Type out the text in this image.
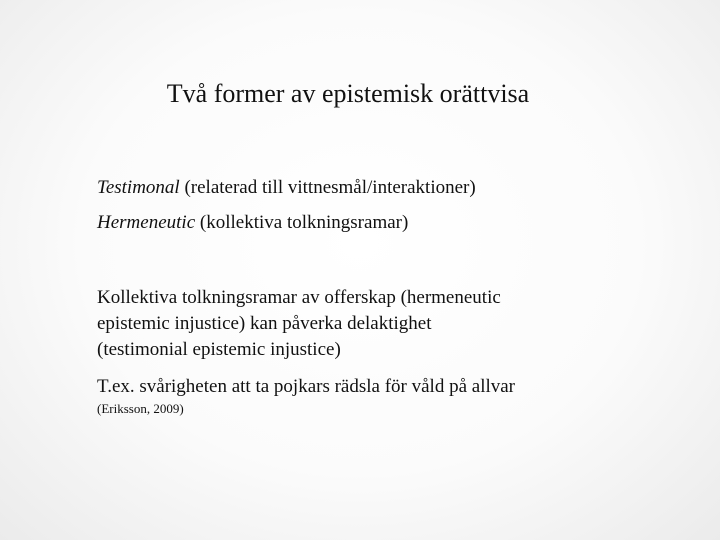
Två former av epistemisk orättvisa
Testimonal (relaterad till vittnesmål/interaktioner)
Hermeneutic (kollektiva tolkningsramar)
Kollektiva tolkningsramar av offerskap (hermeneutic
epistemic injustice) kan påverka delaktighet
(testimonial epistemic injustice)
T.ex. svårigheten att ta pojkars rädsla för våld på allvar
(Eriksson, 2009)
